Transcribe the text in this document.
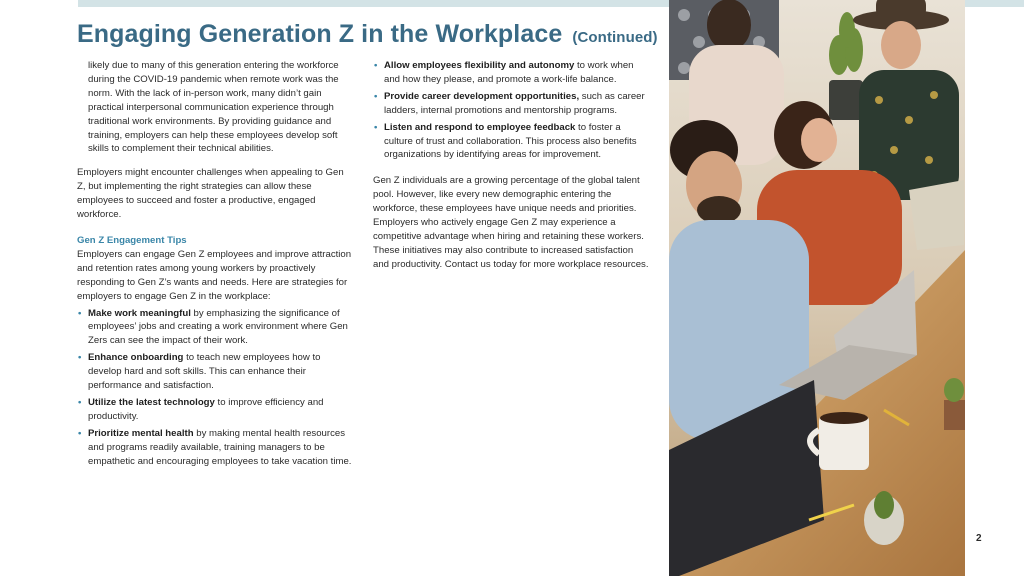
Engaging Generation Z in the Workplace (Continued)

likely due to many of this generation entering the workforce during the COVID-19 pandemic when remote work was the norm. With the lack of in-person work, many didn’t gain practical interpersonal communication experience through traditional work environments. By providing guidance and training, employers can help these employees develop soft skills to complement their technical abilities.

Employers might encounter challenges when appealing to Gen Z, but implementing the right strategies can allow these employees to succeed and foster a productive, engaged workforce.

Gen Z Engagement Tips

Employers can engage Gen Z employees and improve attraction and retention rates among young workers by proactively responding to Gen Z’s wants and needs. Here are strategies for employers to engage Gen Z in the workplace:

• Make work meaningful by emphasizing the significance of employees’ jobs and creating a work environment where Gen Zers can see the impact of their work.
• Enhance onboarding to teach new employees how to develop hard and soft skills. This can enhance their performance and satisfaction.
• Utilize the latest technology to improve efficiency and productivity.
• Prioritize mental health by making mental health resources and programs readily available, training managers to be empathetic and encouraging employees to take vacation time.
• Allow employees flexibility and autonomy to work when and how they please, and promote a work-life balance.
• Provide career development opportunities, such as career ladders, internal promotions and mentorship programs.
• Listen and respond to employee feedback to foster a culture of trust and collaboration. This process also benefits organizations by identifying areas for improvement.

Gen Z individuals are a growing percentage of the global talent pool. However, like every new demographic entering the workforce, these employees have unique needs and priorities. Employers who actively engage Gen Z may experience a competitive advantage when hiring and retaining these workers. These initiatives may also contribute to increased satisfaction and productivity. Contact us today for more workplace resources.

2
